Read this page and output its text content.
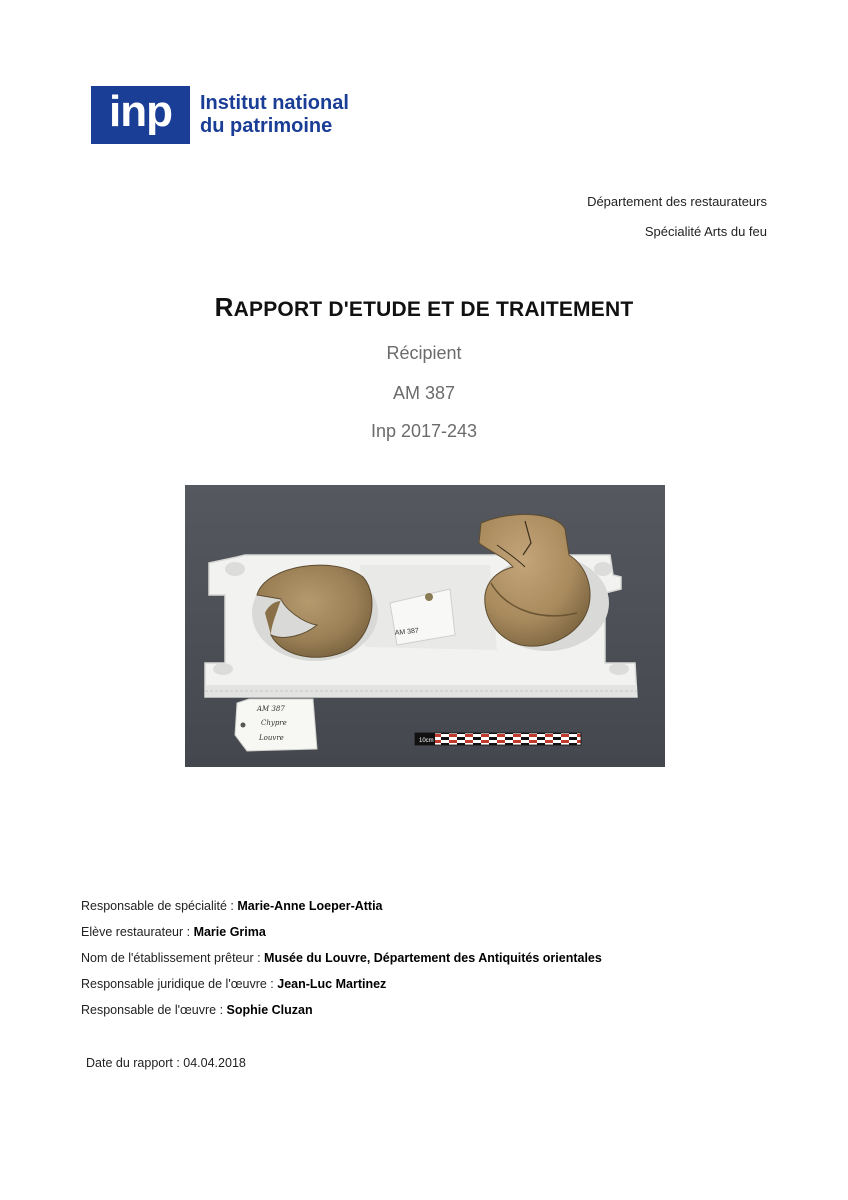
inp	Institut national
du patrimoine
Département des restaurateurs
Spécialité Arts du feu
RAPPORT D'ETUDE ET DE TRAITEMENT
Récipient
AM 387
Inp 2017-243
AM 387
AM 387
Chypre
Louvre	10cm
Responsable de spécialité : Marie-Anne Loeper-Attia
Elève restaurateur : Marie Grima
Nom de l'établissement prêteur : Musée du Louvre, Département des Antiquités orientales
Responsable juridique de l'œuvre : Jean-Luc Martinez
Responsable de l'œuvre : Sophie Cluzan
Date du rapport : 04.04.2018
